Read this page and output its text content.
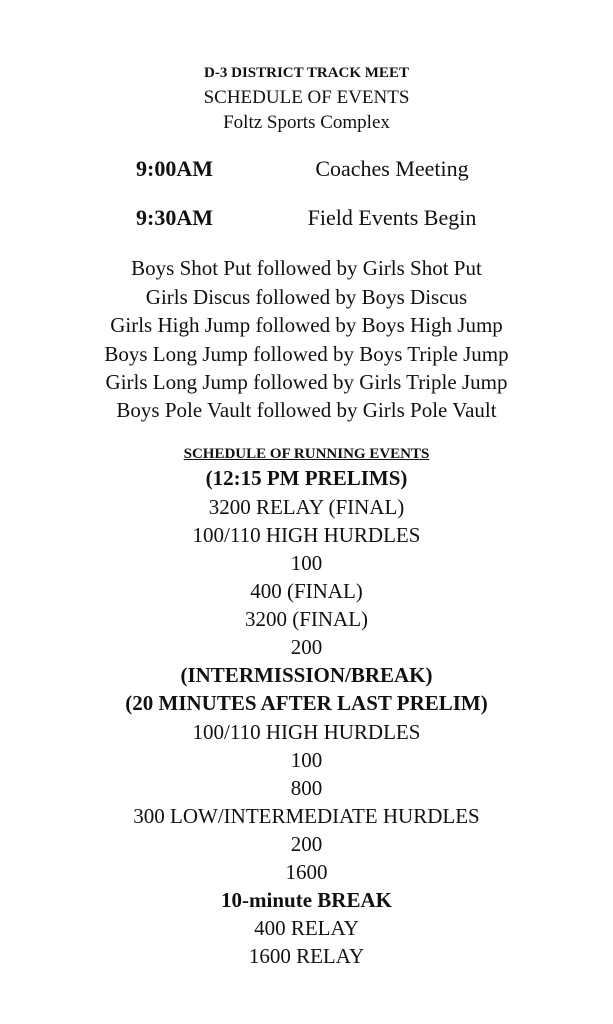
D-3 DISTRICT TRACK MEET
SCHEDULE OF EVENTS
Foltz Sports Complex
9:00AM	Coaches Meeting
9:30AM	Field Events Begin
Boys Shot Put followed by Girls Shot Put
Girls Discus followed by Boys Discus
Girls High Jump followed by Boys High Jump
Boys Long Jump followed by Boys Triple Jump
Girls Long Jump followed by Girls Triple Jump
Boys Pole Vault followed by Girls Pole Vault
SCHEDULE OF RUNNING EVENTS
(12:15 PM PRELIMS)
3200 RELAY (FINAL)
100/110 HIGH HURDLES
100
400 (FINAL)
3200 (FINAL)
200
(INTERMISSION/BREAK)
(20 MINUTES AFTER LAST PRELIM)
100/110 HIGH HURDLES
100
800
300 LOW/INTERMEDIATE HURDLES
200
1600
10-minute BREAK
400 RELAY
1600 RELAY
